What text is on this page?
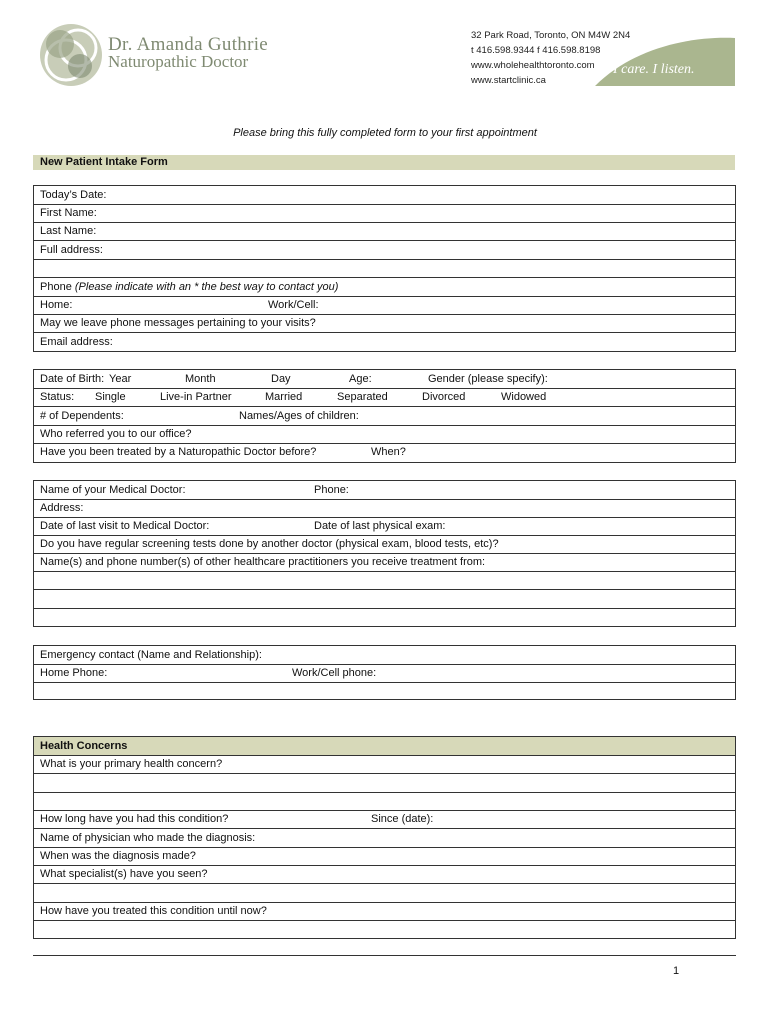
Dr. Amanda Guthrie
Naturopathic Doctor
32 Park Road, Toronto, ON M4W 2N4
t 416.598.9344 f 416.598.8198
www.wholehealthtoronto.com
www.startclinic.ca
I care. I listen.
Please bring this fully completed form to your first appointment
New Patient Intake Form
Today’s Date:
First Name:
Last Name:
Full address:
Phone (Please indicate with an * the best way to contact you)
Home:	Work/Cell:
May we leave phone messages pertaining to your visits?
Email address:
Date of Birth: Year	Month	Day	Age:	Gender (please specify):
Status: Single	Live-in Partner	Married	Separated	Divorced	Widowed
# of Dependents:	Names/Ages of children:
Who referred you to our office?
Have you been treated by a Naturopathic Doctor before?	When?
Name of your Medical Doctor:	Phone:
Address:
Date of last visit to Medical Doctor:	Date of last physical exam:
Do you have regular screening tests done by another doctor (physical exam, blood tests, etc)?
Name(s) and phone number(s) of other healthcare practitioners you receive treatment from:
Emergency contact (Name and Relationship):
Home Phone:	Work/Cell phone:
Health Concerns
What is your primary health concern?
How long have you had this condition?	Since (date):
Name of physician who made the diagnosis:
When was the diagnosis made?
What specialist(s) have you seen?
How have you treated this condition until now?
1
